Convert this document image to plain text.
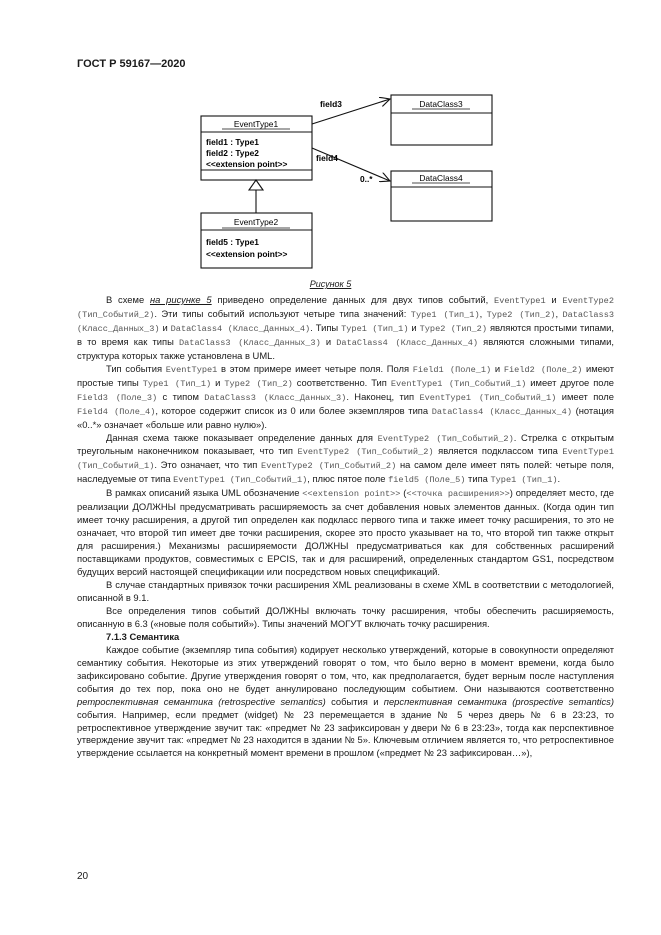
ГОСТ Р 59167—2020
EventType1
field1 : Type1
field2 : Type2
<<extension point>>
EventType2
field5 : Type1
<<extension point>>
DataClass3
DataClass4
field3
field4
0..*
Рисунок 5

В схеме на рисунке 5 приведено определение данных для двух типов событий, EventType1 и EventType2 (Тип_Событий_2). Эти типы событий используют четыре типа значений: Type1 (Тип_1), Type2 (Тип_2), DataClass3 (Класс_Данных_3) и DataClass4 (Класс_Данных_4). Типы Type1 (Тип_1) и Type2 (Тип_2) являются простыми типами, в то время как типы DataClass3 (Класс_Данных_3) и DataClass4 (Класс_Данных_4) являются сложными типами, структура которых также установлена в UML.

Тип события EventType1 в этом примере имеет четыре поля. Поля Field1 (Поле_1) и Field2 (Поле_2) имеют простые типы Type1 (Тип_1) и Type2 (Тип_2) соответственно. Тип EventType1 (Тип_Событий_1) имеет другое поле Field3 (Поле_3) с типом DataClass3 (Класс_Данных_3). Наконец, тип EventType1 (Тип_Событий_1) имеет поле Field4 (Поле_4), которое содержит список из 0 или более экземпляров типа DataClass4 (Класс_Данных_4) (нотация «0..*» означает «больше или равно нулю»).

Данная схема также показывает определение данных для EventType2 (Тип_Событий_2). Стрелка с открытым треугольным наконечником показывает, что тип EventType2 (Тип_Событий_2) является подклассом типа EventType1 (Тип_Событий_1). Это означает, что тип EventType2 (Тип_Событий_2) на самом деле имеет пять полей: четыре поля, наследуемые от типа EventType1 (Тип_Событий_1), плюс пятое поле field5 (Поле_5) типа Type1 (Тип_1).

В рамках описаний языка UML обозначение <<extension point>> (<<точка расширения>>) определяет место, где реализации ДОЛЖНЫ предусматривать расширяемость за счет добавления новых элементов данных. (Когда один тип имеет точку расширения, а другой тип определен как подкласс первого типа и также имеет точку расширения, то это не означает, что второй тип имеет две точки расширения, скорее это просто указывает на то, что второй тип также открыт для расширения.) Механизмы расширяемости ДОЛЖНЫ предусматриваться как для собственных расширений поставщиками продуктов, совместимых с EPCIS, так и для расширений, определенных стандартом GS1, посредством будущих версий настоящей спецификации или посредством новых спецификаций.

В случае стандартных привязок точки расширения XML реализованы в схеме XML в соответствии с методологией, описанной в 9.1.

Все определения типов событий ДОЛЖНЫ включать точку расширения, чтобы обеспечить расширяемость, описанную в 6.3 («новые поля событий»). Типы значений МОГУТ включать точку расширения.

7.1.3 Семантика

Каждое событие (экземпляр типа события) кодирует несколько утверждений, которые в совокупности определяют семантику события. Некоторые из этих утверждений говорят о том, что было верно в момент времени, когда было зафиксировано событие. Другие утверждения говорят о том, что, как предполагается, будет верным после наступления события до тех пор, пока оно не будет аннулировано последующим событием. Они называются соответственно ретроспективная семантика (retrospective semantics) события и перспективная семантика (prospective semantics) события. Например, если предмет (widget) № 23 перемещается в здание № 5 через дверь № 6 в 23:23, то ретроспективное утверждение звучит так: «предмет № 23 зафиксирован у двери № 6 в 23:23», тогда как перспективное утверждение звучит так: «предмет № 23 находится в здании № 5». Ключевым отличием является то, что ретроспективное утверждение ссылается на конкретный момент времени в прошлом («предмет № 23 зафиксирован…»),

20
